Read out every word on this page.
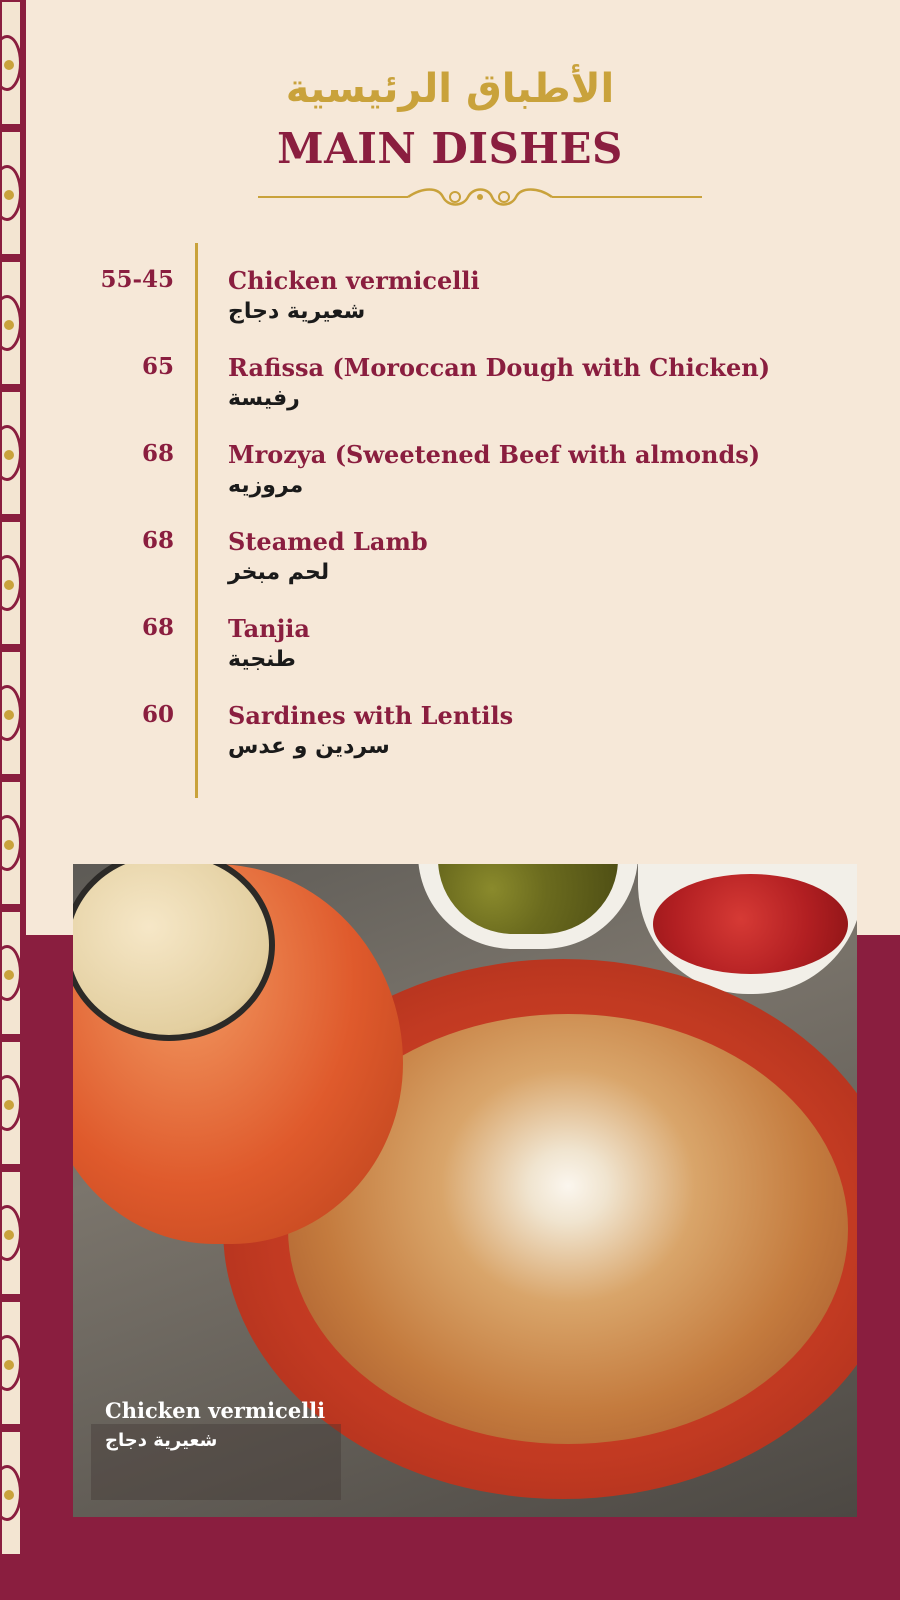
الأطباق الرئيسية
MAIN DISHES
55-45 Chicken vermicelli
شعيرية دجاج
65 Rafissa (Moroccan Dough with Chicken)
رفيسة
68 Mrozya (Sweetened Beef with almonds)
مروزيه
68 Steamed Lamb
لحم مبخر
68 Tanjia
طنجية
60 Sardines with Lentils
سردين و عدس
Chicken vermicelli
شعيرية دجاج
